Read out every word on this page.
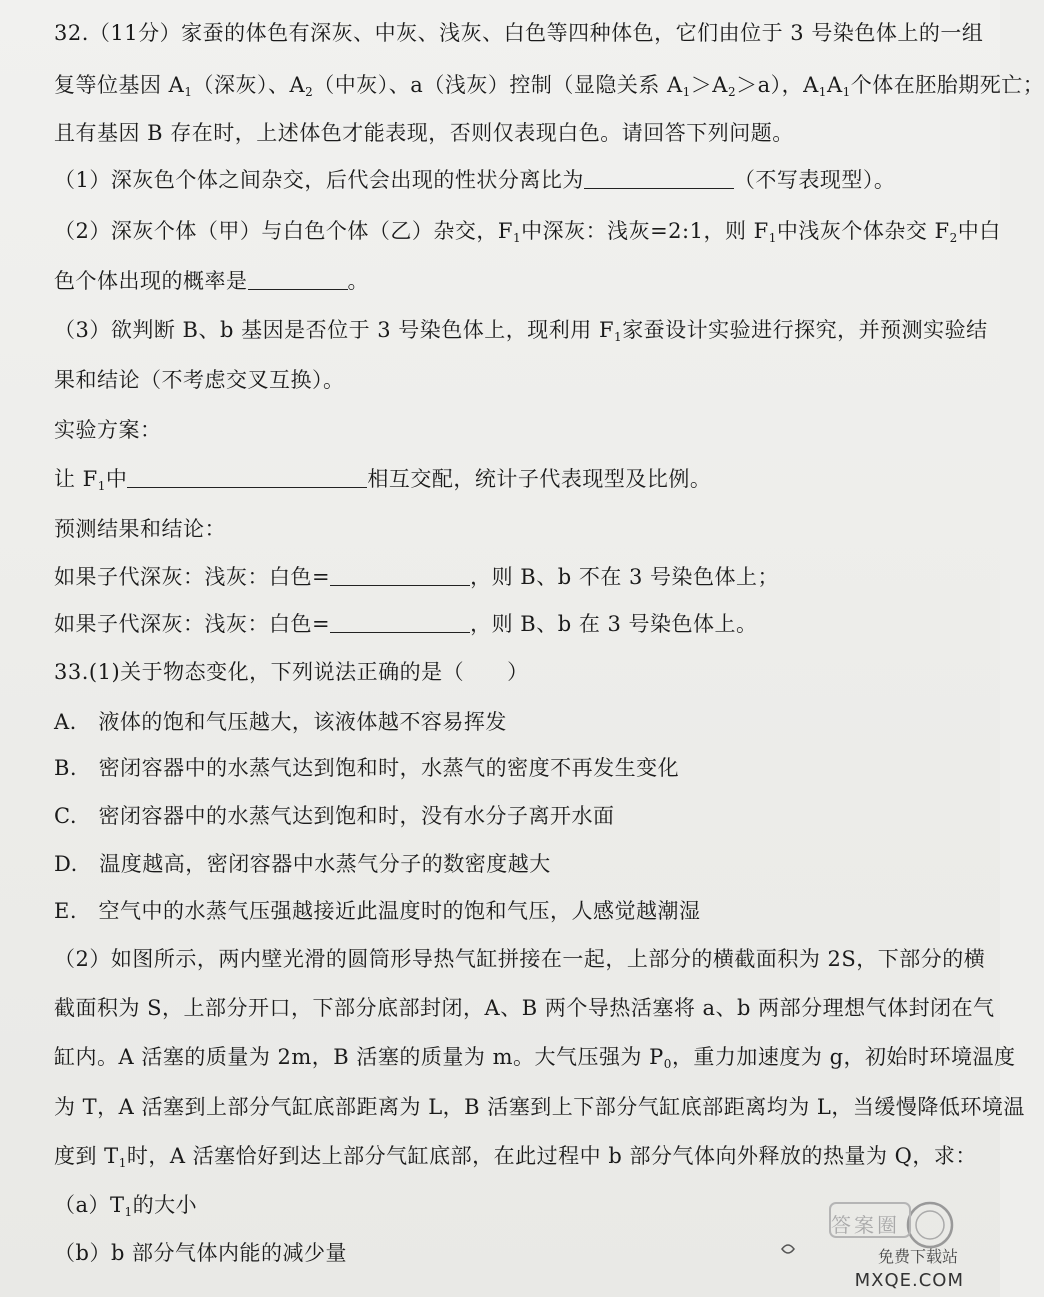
32.（11分）家蚕的体色有深灰、中灰、浅灰、白色等四种体色，它们由位于 3 号染色体上的一组
复等位基因 $A_1$（深灰）、$A_2$（中灰）、a（浅灰）控制（显隐关系 $A_1>A_2>a$），$A_1A_1$个体在胚胎期死亡；
且有基因 B 存在时，上述体色才能表现，否则仅表现白色。请回答下列问题。
（1）深灰色个体之间杂交，后代会出现的性状分离比为	（不写表现型）。
（2）深灰个体（甲）与白色个体（乙）杂交，$F_1$中深灰：浅灰=2:1，则 $F_1$中浅灰个体杂交 $F_2$中白
色个体出现的概率是	。
（3）欲判断 B、b 基因是否位于 3 号染色体上，现利用 $F_1$家蚕设计实验进行探究，并预测实验结
果和结论（不考虑交叉互换）。
实验方案：
让 $F_1$中	相互交配，统计子代表现型及比例。
预测结果和结论：
如果子代深灰：浅灰：白色=	，则 B、b 不在 3 号染色体上；
如果子代深灰：浅灰：白色=	，则 B、b 在 3 号染色体上。
33.(1)关于物态变化，下列说法正确的是（　　）
A.　液体的饱和气压越大，该液体越不容易挥发
B.　密闭容器中的水蒸气达到饱和时，水蒸气的密度不再发生变化
C.　密闭容器中的水蒸气达到饱和时，没有水分子离开水面
D.　温度越高，密闭容器中水蒸气分子的数密度越大
E.　空气中的水蒸气压强越接近此温度时的饱和气压，人感觉越潮湿
（2）如图所示，两内壁光滑的圆筒形导热气缸拼接在一起，上部分的横截面积为 2S，下部分的横
截面积为 S，上部分开口，下部分底部封闭，A、B 两个导热活塞将 a、b 两部分理想气体封闭在气
缸内。A 活塞的质量为 2m，B 活塞的质量为 m。大气压强为 $P_0$，重力加速度为 g，初始时环境温度
为 T，A 活塞到上部分气缸底部距离为 L，B 活塞到上下部分气缸底部距离均为 L，当缓慢降低环境温
度到 $T_1$时，A 活塞恰好到达上部分气缸底部，在此过程中 b 部分气体向外释放的热量为 Q，求：
$(a)T_1$的大小
（b）b 部分气体内能的减少量
答案圈
免费下载站
MXQE.COM
